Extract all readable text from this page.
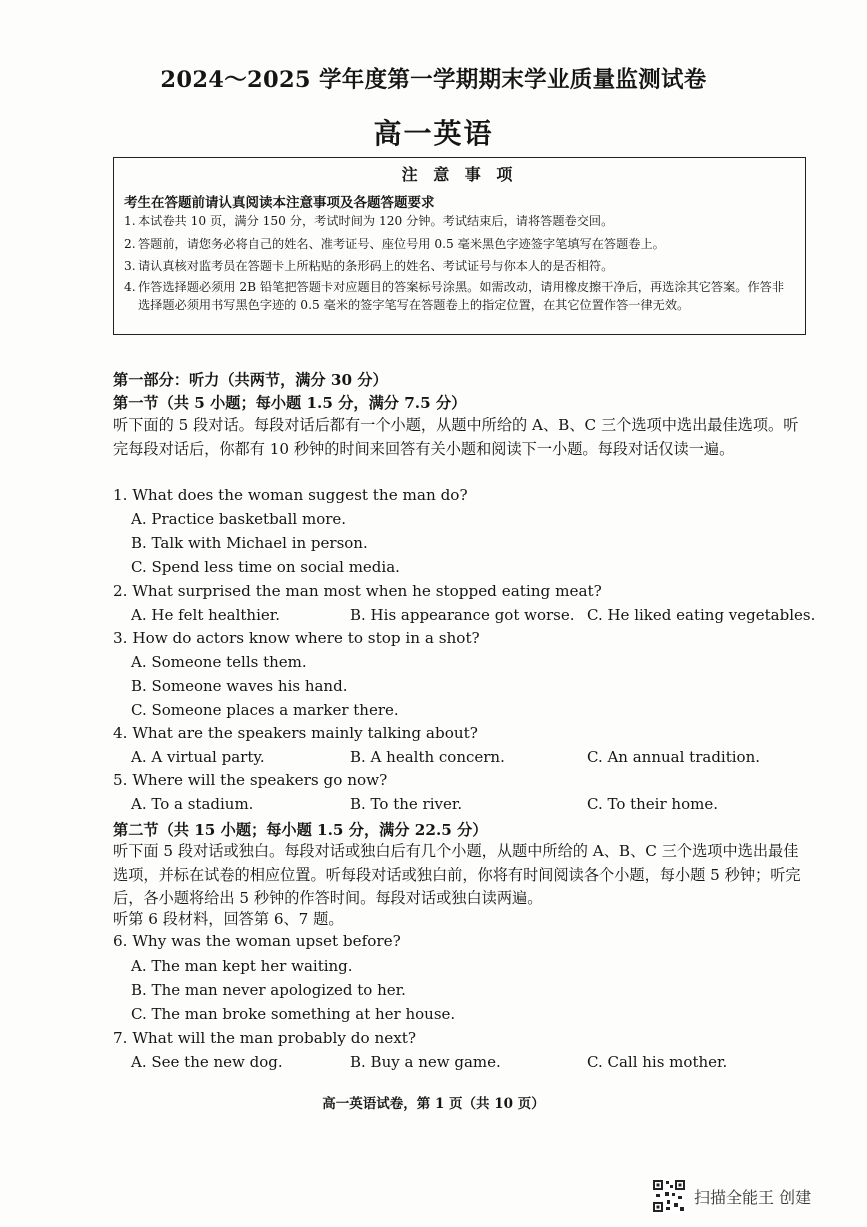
2024～2025 学年度第一学期期末学业质量监测试卷
高一英语
注 意 事 项
考生在答题前请认真阅读本注意事项及各题答题要求
1. 本试卷共 10 页，满分 150 分，考试时间为 120 分钟。考试结束后，请将答题卷交回。
2. 答题前，请您务必将自己的姓名、准考证号、座位号用 0.5 毫米黑色字迹签字笔填写在答题卷上。
3. 请认真核对监考员在答题卡上所粘贴的条形码上的姓名、考试证号与你本人的是否相符。
4. 作答选择题必须用 2B 铅笔把答题卡对应题目的答案标号涂黑。如需改动，请用橡皮擦干净后，再选涂其它答案。作答非选择题必须用书写黑色字迹的 0.5 毫米的签字笔写在答题卷上的指定位置，在其它位置作答一律无效。
第一部分：听力（共两节，满分 30 分）
第一节（共 5 小题；每小题 1.5 分，满分 7.5 分）
听下面的 5 段对话。每段对话后都有一个小题，从题中所给的 A、B、C 三个选项中选出最佳选项。听完每段对话后，你都有 10 秒钟的时间来回答有关小题和阅读下一小题。每段对话仅读一遍。
1. What does the woman suggest the man do?
A. Practice basketball more.
B. Talk with Michael in person.
C. Spend less time on social media.
2. What surprised the man most when he stopped eating meat?
A. He felt healthier.	B. His appearance got worse. C. He liked eating vegetables.
3. How do actors know where to stop in a shot?
A. Someone tells them.
B. Someone waves his hand.
C. Someone places a marker there.
4. What are the speakers mainly talking about?
A. A virtual party.	B. A health concern.	C. An annual tradition.
5. Where will the speakers go now?
A. To a stadium.	B. To the river.	C. To their home.
第二节（共 15 小题；每小题 1.5 分，满分 22.5 分）
听下面 5 段对话或独白。每段对话或独白后有几个小题，从题中所给的 A、B、C 三个选项中选出最佳选项，并标在试卷的相应位置。听每段对话或独白前，你将有时间阅读各个小题，每小题 5 秒钟；听完后，各小题将给出 5 秒钟的作答时间。每段对话或独白读两遍。
听第 6 段材料，回答第 6、7 题。
6. Why was the woman upset before?
A. The man kept her waiting.
B. The man never apologized to her.
C. The man broke something at her house.
7. What will the man probably do next?
A. See the new dog.	B. Buy a new game.	C. Call his mother.
高一英语试卷，第 1 页（共 10 页）
扫描全能王 创建
